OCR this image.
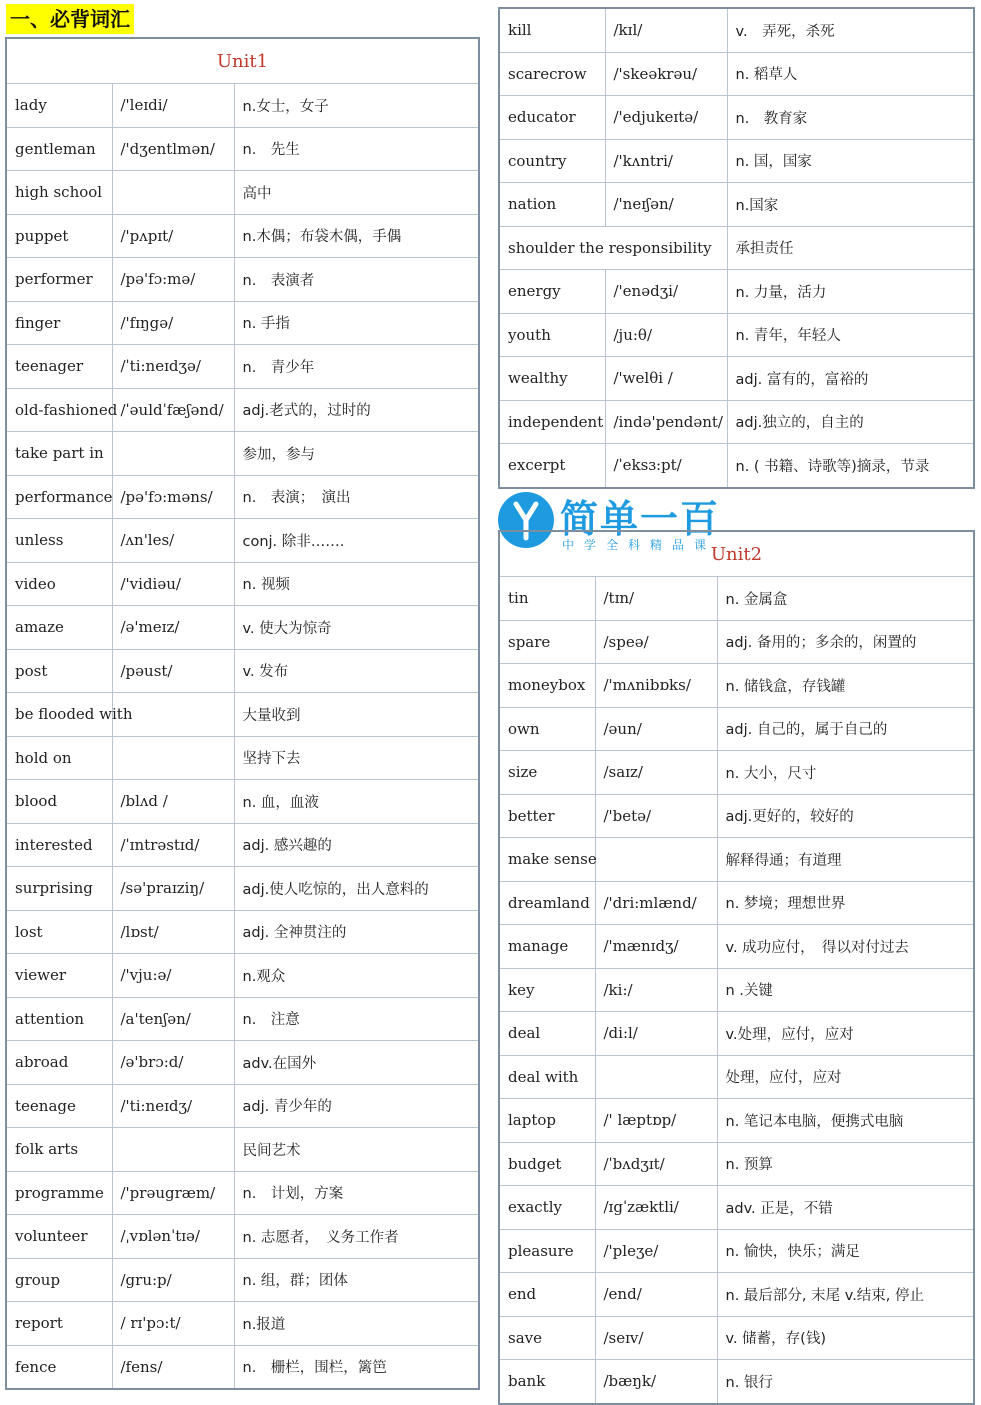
一、必背词汇
Unit1		
lady	/'leɪdi/	n.女士，女子
gentleman	/'dʒentlmən/	n.　先生
high school		高中
puppet	/'pʌpɪt/	n.木偶；布袋木偶，手偶
performer	/pə'fɔ:mə/	n.　表演者
finger	/'fɪŋgə/	n. 手指
teenager	/ˈti:neɪdʒə/	n.　青少年
old-fashioned	/ˈəuldˈfæʃənd/	adj.老式的，过时的
take part in		参加，参与
performance	/pə'fɔ:məns/	n.　表演；　演出
unless	/ʌn'les/	conj. 除非…….
video	/'vidiəu/	n. 视频
amaze	/ə'meɪz/	v. 使大为惊奇
post	/pəust/	v. 发布
be flooded with		大量收到
hold on		坚持下去
blood	/blʌd /	n. 血，血液
interested	/ˈɪntrəstɪd/	adj. 感兴趣的
surprising	/sə'praɪziŋ/	adj.使人吃惊的，出人意料的
lost	/lɒst/	adj. 全神贯注的
viewer	/'vju:ə/	n.观众
attention	/a'tenʃən/	n.　注意
abroad	/ə'brɔ:d/	adv.在国外
teenage	/'ti:neɪdʒ/	adj. 青少年的
folk arts		民间艺术
programme	/'prəugræm/	n.　计划，方案
volunteer	/ˌvɒlənˈtɪə/	n. 志愿者，　义务工作者
group	/gru:p/	n. 组，群；团体
report	/ rɪ'pɔ:t/	n.报道
fence	/fens/	n.　栅栏，围栏，篱笆
kill	/kɪl/	v.　弄死，杀死
scarecrow	/'skeəkrəu/	n. 稻草人
educator	/'edjukeɪtə/	n.　教育家
country	/'kʌntri/	n. 国，国家
nation	/'neɪʃən/	n.国家
shoulder the responsibility		承担责任
energy	/'enədʒi/	n. 力量，活力
youth	/ju:θ/	n. 青年，年轻人
wealthy	/'welθi /	adj. 富有的，富裕的
independent	/ində'pendənt/	adj.独立的，自主的
excerpt	/ˈeksɜ:pt/	n. ( 书籍、诗歌等)摘录，节录
简单一百
中学全科精品课
Unit2		
tin	/tɪn/	n. 金属盒
spare	/speə/	adj. 备用的；多余的，闲置的
moneybox	/'mʌnibɒks/	n. 储钱盒，存钱罐
own	/əun/	adj. 自己的，属于自己的
size	/saɪz/	n. 大小，尺寸
better	/'betə/	adj.更好的，较好的
make sense		解释得通；有道理
dreamland	/'dri:mlænd/	n. 梦境；理想世界
manage	/'mænɪdʒ/	v. 成功应付，　得以对付过去
key	/ki:/	n .关键
deal	/di:l/	v.处理，应付，应对
deal with		处理，应付，应对
laptop	/' læptɒp/	n. 笔记本电脑，便携式电脑
budget	/ˈbʌdʒɪt/	n. 预算
exactly	/ɪgˈzæktli/	adv. 正是，不错
pleasure	/'pleʒe/	n. 愉快，快乐；满足
end	/end/	n. 最后部分, 末尾 v.结束, 停止
save	/seɪv/	v. 储蓄，存(钱)
bank	/bæŋk/	n. 银行
